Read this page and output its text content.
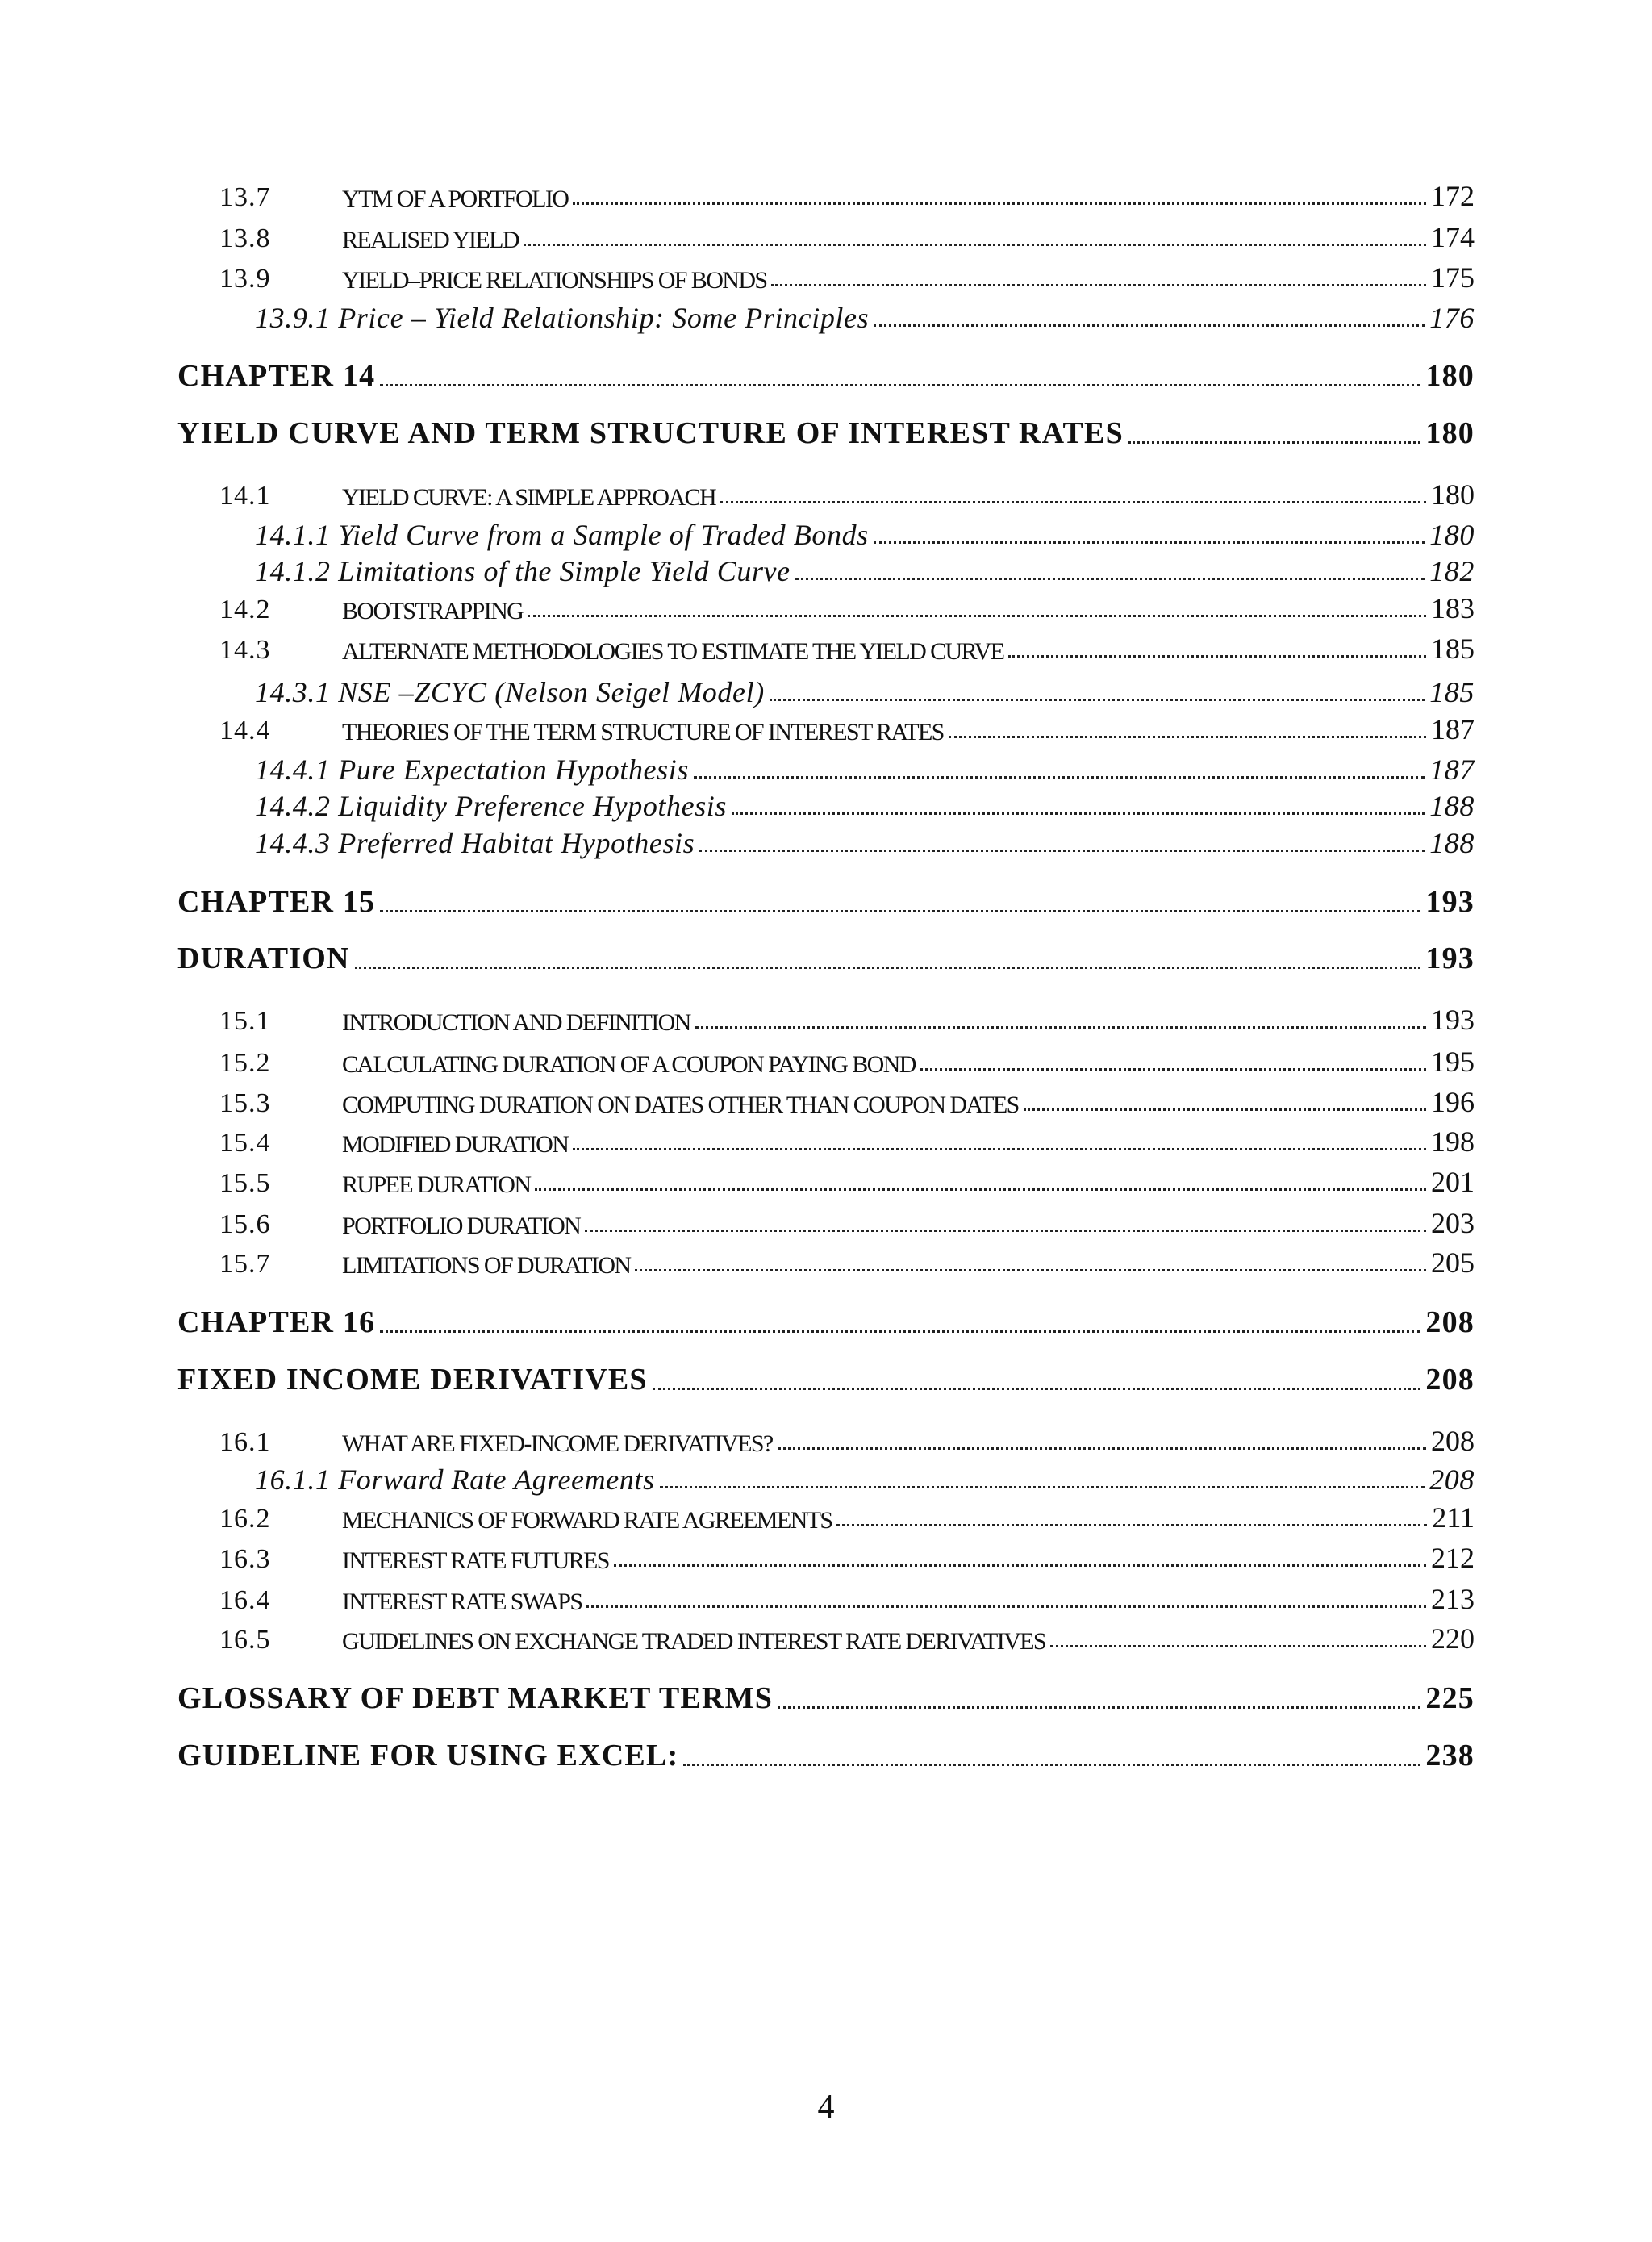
13.7	YTM OF A PORTFOLIO	172
13.8	REALISED YIELD	174
13.9	YIELD–PRICE RELATIONSHIPS OF BONDS	175
13.9.1 Price – Yield Relationship: Some Principles	176
CHAPTER 14	180
YIELD CURVE AND TERM STRUCTURE OF INTEREST RATES	180
14.1	YIELD CURVE: A SIMPLE APPROACH	180
14.1.1 Yield Curve from a Sample of Traded Bonds	180
14.1.2 Limitations of the Simple Yield Curve	182
14.2	BOOTSTRAPPING	183
14.3	ALTERNATE METHODOLOGIES TO ESTIMATE THE YIELD CURVE	185
14.3.1 NSE –ZCYC (Nelson Seigel Model)	185
14.4	THEORIES OF THE TERM STRUCTURE OF INTEREST RATES	187
14.4.1 Pure Expectation Hypothesis	187
14.4.2 Liquidity Preference Hypothesis	188
14.4.3 Preferred Habitat Hypothesis	188
CHAPTER 15	193
DURATION	193
15.1	INTRODUCTION AND DEFINITION	193
15.2	CALCULATING DURATION OF A COUPON PAYING BOND	195
15.3	COMPUTING DURATION ON DATES OTHER THAN COUPON DATES	196
15.4	MODIFIED DURATION	198
15.5	RUPEE DURATION	201
15.6	PORTFOLIO DURATION	203
15.7	LIMITATIONS OF DURATION	205
CHAPTER 16	208
FIXED INCOME DERIVATIVES	208
16.1	WHAT ARE FIXED-INCOME DERIVATIVES?	208
16.1.1 Forward Rate Agreements	208
16.2	MECHANICS OF FORWARD RATE AGREEMENTS	211
16.3	INTEREST RATE FUTURES	212
16.4	INTEREST RATE SWAPS	213
16.5	GUIDELINES ON EXCHANGE TRADED INTEREST RATE DERIVATIVES	220
GLOSSARY OF DEBT MARKET TERMS	225
GUIDELINE FOR USING EXCEL:	238
4
